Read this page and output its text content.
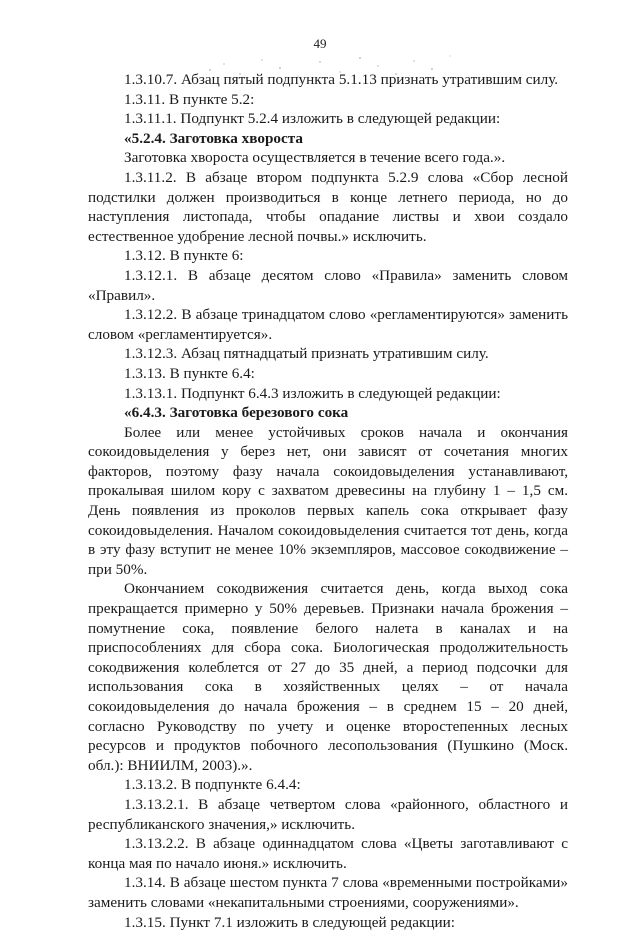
49

1.3.10.7. Абзац пятый подпункта 5.1.13 признать утратившим силу.

1.3.11. В пункте 5.2:

1.3.11.1. Подпункт 5.2.4 изложить в следующей редакции:

«5.2.4. Заготовка хвороста

Заготовка хвороста осуществляется в течение всего года.».

1.3.11.2. В абзаце втором подпункта 5.2.9 слова «Сбор лесной подстилки должен производиться в конце летнего периода, но до наступления листопада, чтобы опадание листвы и хвои создало естественное удобрение лесной почвы.» исключить.

1.3.12. В пункте 6:

1.3.12.1. В абзаце десятом слово «Правила» заменить словом «Правил».

1.3.12.2. В абзаце тринадцатом слово «регламентируются» заменить словом «регламентируется».

1.3.12.3. Абзац пятнадцатый признать утратившим силу.

1.3.13. В пункте 6.4:

1.3.13.1. Подпункт 6.4.3 изложить в следующей редакции:

«6.4.3. Заготовка березового сока

Более или менее устойчивых сроков начала и окончания сокоидовыделения у берез нет, они зависят от сочетания многих факторов, поэтому фазу начала сокоидовыделения устанавливают, прокалывая шилом кору с захватом древесины на глубину 1 – 1,5 см. День появления из проколов первых капель сока открывает фазу сокоидовыделения. Началом сокоидовыделения считается тот день, когда в эту фазу вступит не менее 10% экземпляров, массовое сокодвижение – при 50%.

Окончанием сокодвижения считается день, когда выход сока прекращается примерно у 50% деревьев. Признаки начала брожения – помутнение сока, появление белого налета в каналах и на приспособлениях для сбора сока. Биологическая продолжительность сокодвижения колеблется от 27 до 35 дней, а период подсочки для использования сока в хозяйственных целях – от начала сокоидовыделения до начала брожения – в среднем 15 – 20 дней, согласно Руководству по учету и оценке второстепенных лесных ресурсов и продуктов побочного лесопользования (Пушкино (Моск. обл.): ВНИИЛМ, 2003).».

1.3.13.2. В подпункте 6.4.4:

1.3.13.2.1. В абзаце четвертом слова «районного, областного и республиканского значения,» исключить.

1.3.13.2.2. В абзаце одиннадцатом слова «Цветы заготавливают с конца мая по начало июня.» исключить.

1.3.14. В абзаце шестом пункта 7 слова «временными постройками» заменить словами «некапитальными строениями, сооружениями».

1.3.15. Пункт 7.1 изложить в следующей редакции:
